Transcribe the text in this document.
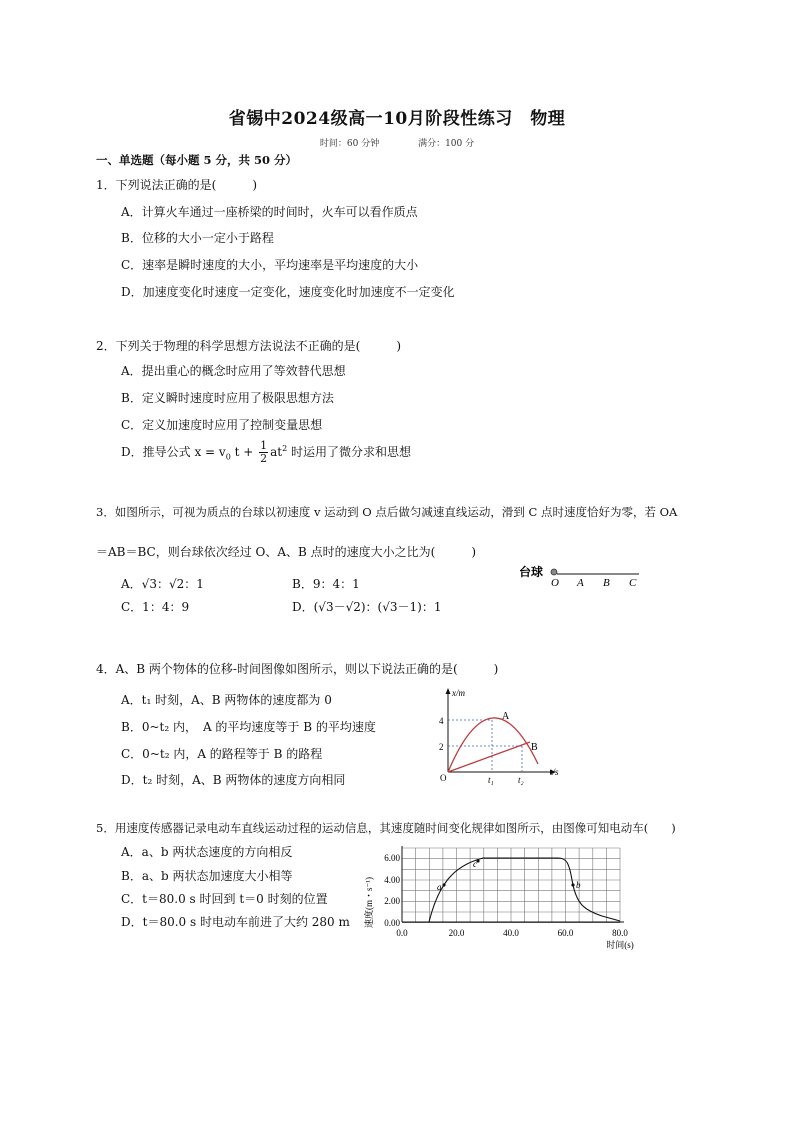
省锡中2024级高一10月阶段性练习　物理
时间：60 分钟	满分：100 分
一、单选题（每小题 5 分，共 50 分）
1．下列说法正确的是(　　　)
A．计算火车通过一座桥梁的时间时，火车可以看作质点
B．位移的大小一定小于路程
C．速率是瞬时速度的大小，平均速率是平均速度的大小
D．加速度变化时速度一定变化，速度变化时加速度不一定变化
2．下列关于物理的科学思想方法说法不正确的是(　　　)
A．提出重心的概念时应用了等效替代思想
B．定义瞬时速度时应用了极限思想方法
C．定义加速度时应用了控制变量思想
D．推导公式 $x = v_0$ $t + \frac{1}{2} at^2$ 时运用了微分求和思想
3．如图所示，可视为质点的台球以初速度 v 运动到 O 点后做匀减速直线运动，滑到 C 点时速度恰好为零，若 OA
＝AB＝BC，则台球依次经过 O、A、B 点时的速度大小之比为(　　　)
A．√3：√2：1	B．9：4：1
C．1：4：9	D．(√3－√2)：(√3－1)：1
台球
O A B C
4．A、B 两个物体的位移-时间图像如图所示，则以下说法正确的是(　　　)
A．t₁ 时刻，A、B 两物体的速度都为 0
B．0~t₂ 内，　A 的平均速度等于 B 的平均速度
C．0~t₂ 内，A 的路程等于 B 的路程
D．t₂ 时刻，A、B 两物体的速度方向相同
x/m
t/s
O
4
2
t₁	t₂
A
B
5．用速度传感器记录电动车直线运动过程的运动信息，其速度随时间变化规律如图所示，由图像可知电动车(　　)
A．a、b 两状态速度的方向相反
B．a、b 两状态加速度大小相等
C．t＝80.0 s 时回到 t＝0 时刻的位置
D．t＝80.0 s 时电动车前进了大约 280 m
6.00
4.00
2.00
0.00
0.0	20.0	40.0	60.0	80.0
时间(s)
速度(m・s⁻¹)	a
c
b
